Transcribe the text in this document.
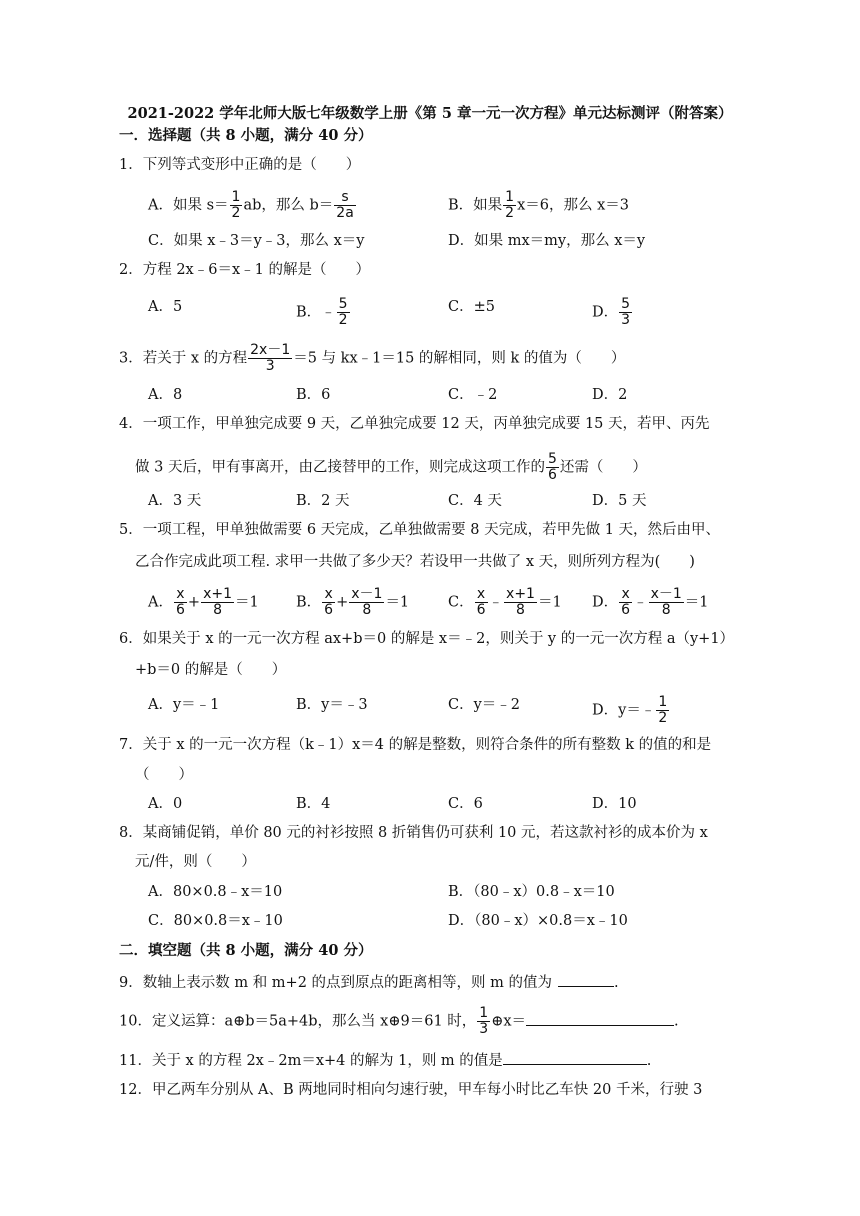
2021-2022 学年北师大版七年级数学上册《第 5 章一元一次方程》单元达标测评（附答案）
一．选择题（共 8 小题，满分 40 分）
1．下列等式变形中正确的是（　　）
A．如果 $s= \frac{1}{2}$ ab，那么 $b= \frac{s}{2a}$	B．如果 $\frac{1}{2} x=6$，那么 x＝3
C．如果 x﹣3＝y﹣3，那么 x＝y	D．如果 mx＝my，那么 x＝y
2．方程 2x﹣6＝x﹣1 的解是（　　）
A．5	B．﹣ $\frac{5}{2}$	C．±5	D． $\frac{5}{3}$
3．若关于 x 的方程 $\frac{2x-1}{3} =5$ 与 kx﹣1＝15 的解相同，则 k 的值为（　　）
A．8	B．6	C．﹣2	D．2
4．一项工作，甲单独完成要 9 天，乙单独完成要 12 天，丙单独完成要 15 天，若甲、丙先
做 3 天后，甲有事离开，由乙接替甲的工作，则完成这项工作的 $\frac{5}{6}$ 还需（　　）
A．3 天	B．2 天	C．4 天	D．5 天
5．一项工程，甲单独做需要 6 天完成，乙单独做需要 8 天完成，若甲先做 1 天，然后由甲、
乙合作完成此项工程. 求甲一共做了多少天？若设甲一共做了 x 天，则所列方程为(　　)
A． $\frac{x}{6} + \frac{x+1}{8} =1$	B． $\frac{x}{6} + \frac{x-1}{8} =1$	C． $\frac{x}{6}$ ﹣ $\frac{x+1}{8} =1$ D． $\frac{x}{6}$ ﹣ $\frac{x-1}{8} =1$
6．如果关于 x 的一元一次方程 ax+b＝0 的解是 x＝﹣2，则关于 y 的一元一次方程 a（y+1）
+b＝0 的解是（　　）
A．y＝﹣1	B．y＝﹣3	C．y＝﹣2	D．y＝﹣ $\frac{1}{2}$
7．关于 x 的一元一次方程（k﹣1）x＝4 的解是整数，则符合条件的所有整数 k 的值的和是
（　　）
A．0	B．4	C．6	D．10
8．某商铺促销，单价 80 元的衬衫按照 8 折销售仍可获利 10 元，若这款衬衫的成本价为 x
元/件，则（　　）
A．80×0.8﹣x＝10	B．（80﹣x）0.8﹣x＝10
C．80×0.8＝x﹣10	D．（80﹣x）×0.8＝x﹣10
二．填空题（共 8 小题，满分 40 分）
9．数轴上表示数 m 和 m+2 的点到原点的距离相等，则 m 的值为	.
10．定义运算：a⊕b＝5a+4b，那么当 x⊕9＝61 时， $\frac{1}{3}$ ⊕x＝	.
11．关于 x 的方程 2x﹣2m＝x+4 的解为 1，则 m 的值是	.
12．甲乙两车分别从 A、B 两地同时相向匀速行驶，甲车每小时比乙车快 20 千米，行驶 3
